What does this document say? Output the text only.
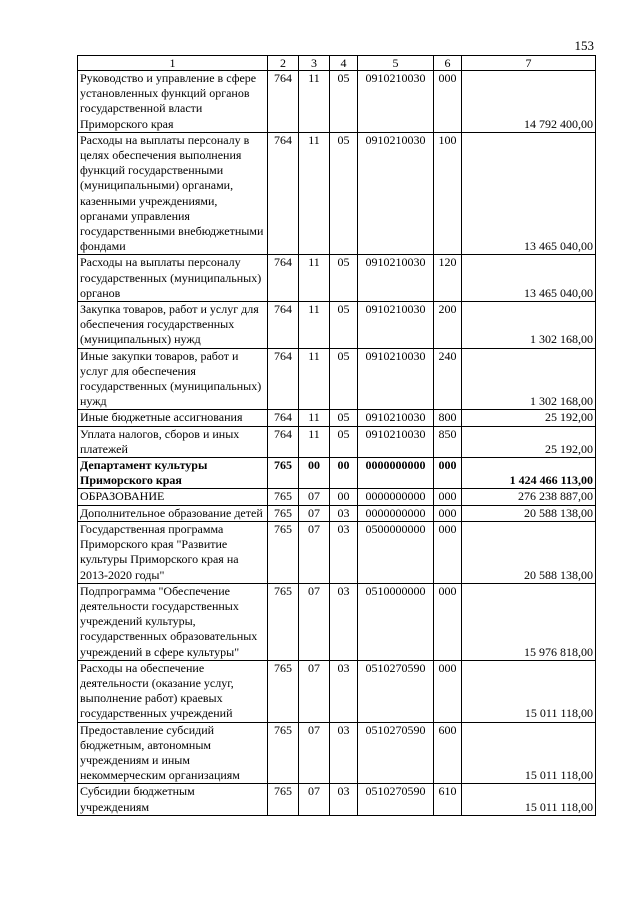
153
1	2	3	4	5	6	7
Руководство и управление в сфере установленных функций органов государственной власти Приморского края	764	11	05	0910210030	000	14 792 400,00
Расходы на выплаты персоналу в целях обеспечения выполнения функций государственными (муниципальными) органами, казенными учреждениями, органами управления государственными внебюджетными фондами	764	11	05	0910210030	100	13 465 040,00
Расходы на выплаты персоналу государственных (муниципальных) органов	764	11	05	0910210030	120	13 465 040,00
Закупка товаров, работ и услуг для обеспечения государственных (муниципальных) нужд	764	11	05	0910210030	200	1 302 168,00
Иные закупки товаров, работ и услуг для обеспечения государственных (муниципальных) нужд	764	11	05	0910210030	240	1 302 168,00
Иные бюджетные ассигнования	764	11	05	0910210030	800	25 192,00
Уплата налогов, сборов и иных платежей	764	11	05	0910210030	850	25 192,00
Департамент культуры Приморского края	765	00	00	0000000000	000	1 424 466 113,00
ОБРАЗОВАНИЕ	765	07	00	0000000000	000	276 238 887,00
Дополнительное образование детей	765	07	03	0000000000	000	20 588 138,00
Государственная программа Приморского края "Развитие культуры Приморского края на 2013-2020 годы"	765	07	03	0500000000	000	20 588 138,00
Подпрограмма "Обеспечение деятельности государственных учреждений культуры, государственных образовательных учреждений в сфере культуры"	765	07	03	0510000000	000	15 976 818,00
Расходы на обеспечение деятельности (оказание услуг, выполнение работ) краевых государственных учреждений	765	07	03	0510270590	000	15 011 118,00
Предоставление субсидий бюджетным, автономным учреждениям и иным некоммерческим организациям	765	07	03	0510270590	600	15 011 118,00
Субсидии бюджетным учреждениям	765	07	03	0510270590	610	15 011 118,00
